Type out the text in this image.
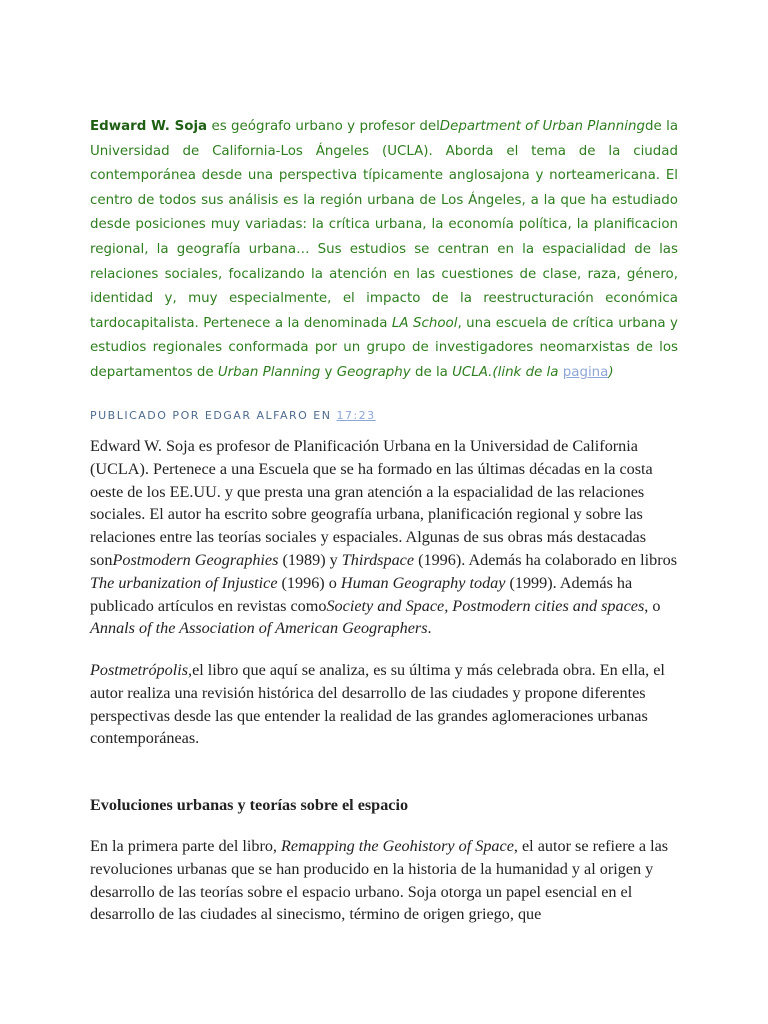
Edward W. Soja es geógrafo urbano y profesor delDepartment of Urban Planningde la Universidad de California-Los Ángeles (UCLA). Aborda el tema de la ciudad contemporánea desde una perspectiva típicamente anglosajona y norteamericana. El centro de todos sus análisis es la región urbana de Los Ángeles, a la que ha estudiado desde posiciones muy variadas: la crítica urbana, la economía política, la planificacion regional, la geografía urbana… Sus estudios se centran en la espacialidad de las relaciones sociales, focalizando la atención en las cuestiones de clase, raza, género, identidad y, muy especialmente, el impacto de la reestructuración económica tardocapitalista. Pertenece a la denominada LA School, una escuela de crítica urbana y estudios regionales conformada por un grupo de investigadores neomarxistas de los departamentos de Urban Planning y Geography de la UCLA.(link de la pagina)

PUBLICADO POR EDGAR ALFARO EN 17:23

Edward W. Soja es profesor de Planificación Urbana en la Universidad de California (UCLA). Pertenece a una Escuela que se ha formado en las últimas décadas en la costa oeste de los EE.UU. y que presta una gran atención a la espacialidad de las relaciones sociales. El autor ha escrito sobre geografía urbana, planificación regional y sobre las relaciones entre las teorías sociales y espaciales. Algunas de sus obras más destacadas sonPostmodern Geographies (1989) y Thirdspace (1996). Además ha colaborado en libros The urbanization of Injustice (1996) o Human Geography today (1999). Además ha publicado artículos en revistas comoSociety and Space, Postmodern cities and spaces, o Annals of the Association of American Geographers.

Postmetrópolis,el libro que aquí se analiza, es su última y más celebrada obra. En ella, el autor realiza una revisión histórica del desarrollo de las ciudades y propone diferentes perspectivas desde las que entender la realidad de las grandes aglomeraciones urbanas contemporáneas.

Evoluciones urbanas y teorías sobre el espacio

En la primera parte del libro, Remapping the Geohistory of Space, el autor se refiere a las revoluciones urbanas que se han producido en la historia de la humanidad y al origen y desarrollo de las teorías sobre el espacio urbano. Soja otorga un papel esencial en el desarrollo de las ciudades al sinecismo, término de origen griego, que
